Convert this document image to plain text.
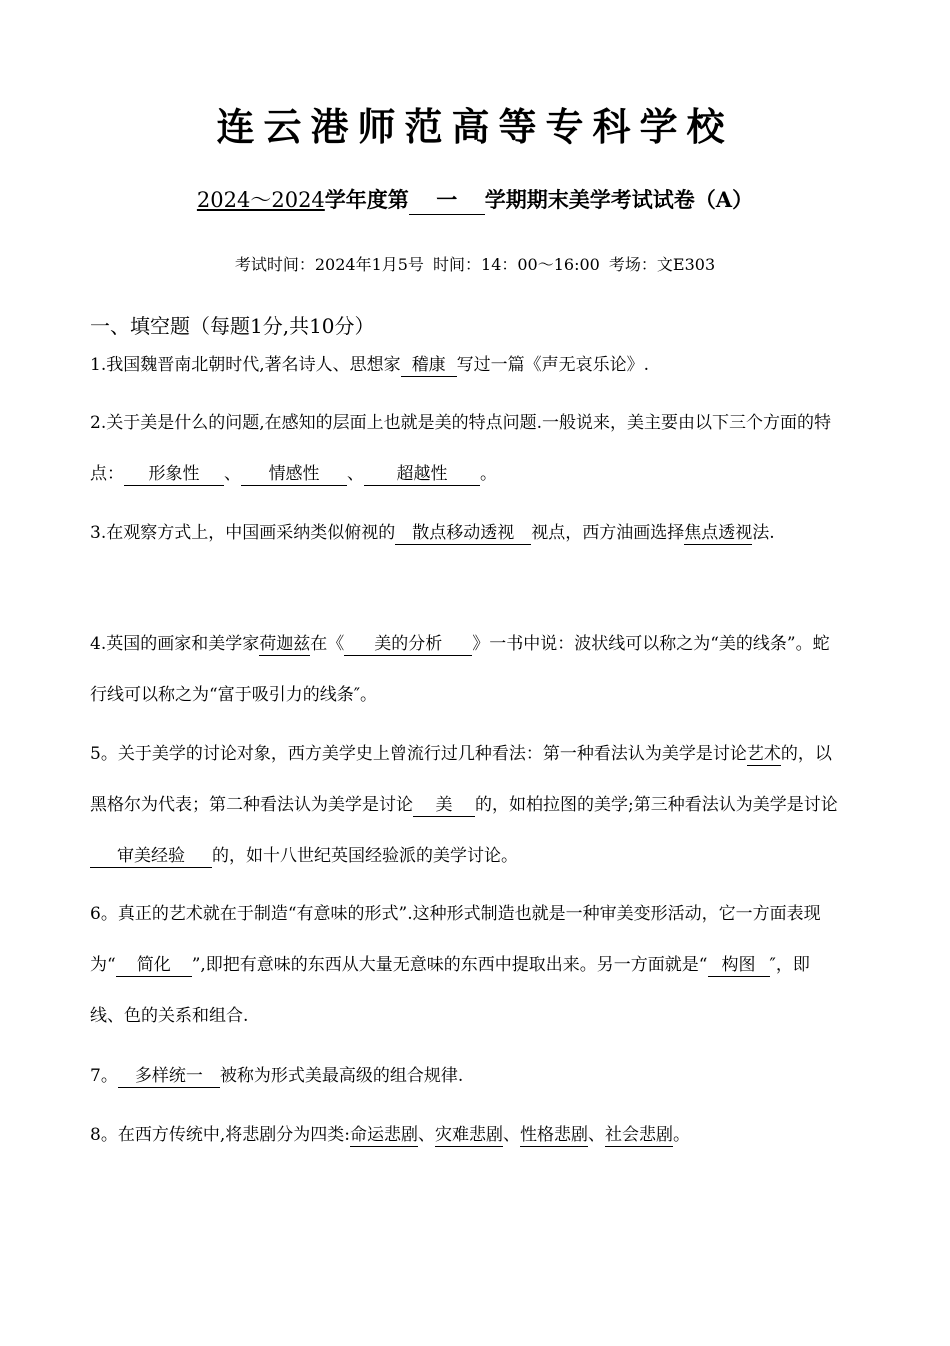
连云港师范高等专科学校
2024～2024学年度第 一 学期期末美学考试试卷（A）
考试时间：2024年1月5号 时间：14：00～16:00 考场：文E303
一、填空题（每题1分,共10分）
1.我国魏晋南北朝时代,著名诗人、思想家 稽康 写过一篇《声无哀乐论》.
2.关于美是什么的问题,在感知的层面上也就是美的特点问题.一般说来，美主要由以下三个方面的特点： 形象性 、 情感性 、 超越性 。
3.在观察方式上，中国画采纳类似俯视的 散点移动透视 视点，西方油画选择焦点透视法.
4.英国的画家和美学家荷迦兹在《 美的分析 》一书中说：波状线可以称之为“美的线条”。蛇行线可以称之为“富于吸引力的线条″。
5。关于美学的讨论对象，西方美学史上曾流行过几种看法：第一种看法认为美学是讨论艺术的，以黑格尔为代表；第二种看法认为美学是讨论 美 的，如柏拉图的美学;第三种看法认为美学是讨论审美经验 的，如十八世纪英国经验派的美学讨论。
6。真正的艺术就在于制造“有意味的形式”.这种形式制造也就是一种审美变形活动，它一方面表现为“ 简化 ”,即把有意味的东西从大量无意味的东西中提取出来。另一方面就是“ 构图 ″，即线、色的关系和组合.
7。 多样统一 被称为形式美最高级的组合规律.
8。在西方传统中,将悲剧分为四类:命运悲剧、灾难悲剧、性格悲剧、社会悲剧。
